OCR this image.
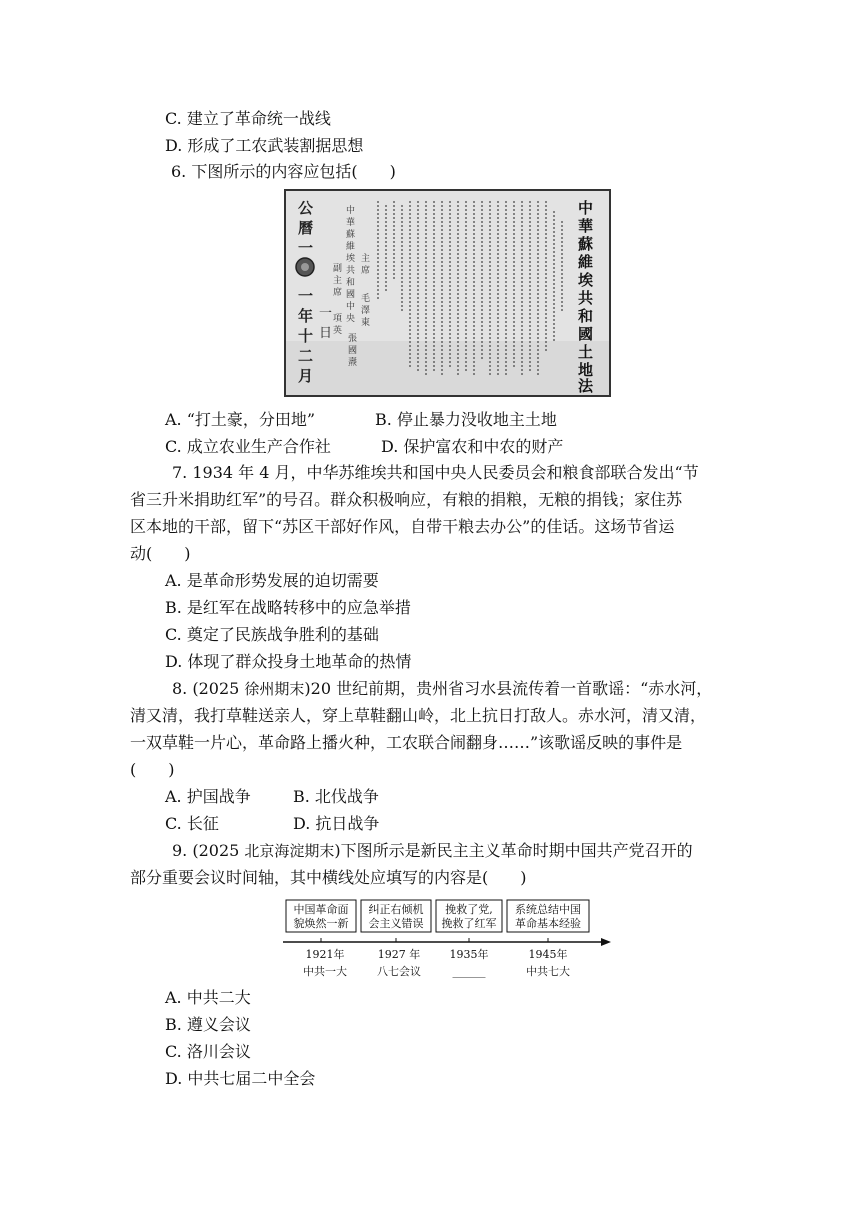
C. 建立了革命统一战线
D. 形成了工农武装割据思想
6. 下图所示的内容应包括(　　)
公
曆
一
一
年
十
二
月
一
日
中
華
蘇
維
埃
共
和
國
中
央
主
席
毛
澤
東
副
主
席
項
英
張
國
燾
中
華
蘇
維
埃
共
和
國
土
地
法
A. “打土豪，分田地”	B. 停止暴力没收地主土地
C. 成立农业生产合作社	D. 保护富农和中农的财产
7. 1934 年 4 月，中华苏维埃共和国中央人民委员会和粮食部联合发出“节
省三升米捐助红军”的号召。群众积极响应，有粮的捐粮，无粮的捐钱；家住苏
区本地的干部，留下“苏区干部好作风，自带干粮去办公”的佳话。这场节省运
动(　　)
A. 是革命形势发展的迫切需要
B. 是红军在战略转移中的应急举措
C. 奠定了民族战争胜利的基础
D. 体现了群众投身土地革命的热情
8. (2025 徐州期末)20 世纪前期，贵州省习水县流传着一首歌谣：“赤水河，
清又清，我打草鞋送亲人，穿上草鞋翻山岭，北上抗日打敌人。赤水河，清又清，
一双草鞋一片心，革命路上播火种，工农联合闹翻身……”该歌谣反映的事件是
(　　)
A. 护国战争	B. 北伐战争
C. 长征	D. 抗日战争
9. (2025 北京海淀期末)下图所示是新民主主义革命时期中国共产党召开的
部分重要会议时间轴，其中横线处应填写的内容是(　　)
中国革命面
貌焕然一新
纠正右倾机
会主义错误
挽救了党,
挽救了红军
系统总结中国
革命基本经验
1921年	1927 年	1935年	1945年
中共一大	八七会议	______	中共七大
A. 中共二大
B. 遵义会议
C. 洛川会议
D. 中共七届二中全会
